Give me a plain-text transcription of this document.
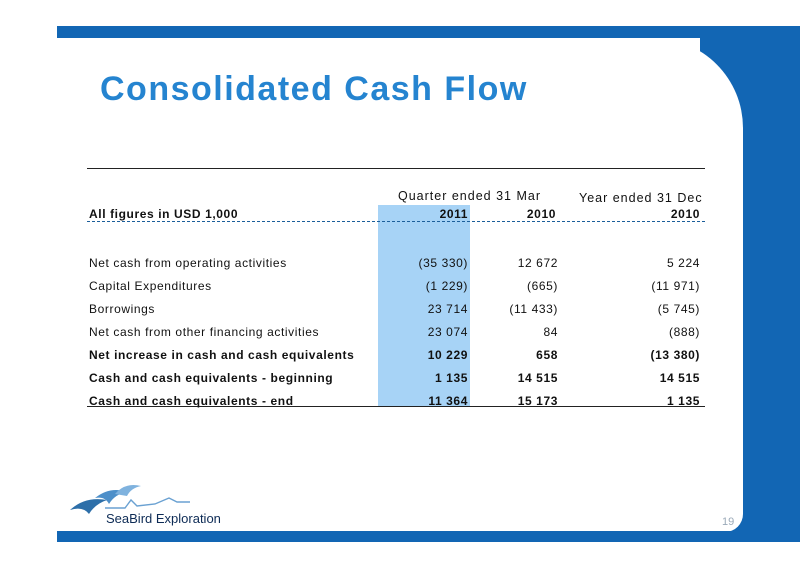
Consolidated Cash Flow
Quarter ended 31 Mar	Year ended 31 Dec
All figures in USD 1,000	2011	2010	2010
Net cash from operating activities	(35 330)	12 672	5 224
Capital Expenditures	(1 229)	(665)	(11 971)
Borrowings	23 714	(11 433)	(5 745)
Net cash from other financing activities	23 074	84	(888)
Net increase in cash and cash equivalents	10 229	658	(13 380)
Cash and cash equivalents - beginning	1 135	14 515	14 515
Cash and cash equivalents - end	11 364	15 173	1 135
SeaBird Exploration	19
